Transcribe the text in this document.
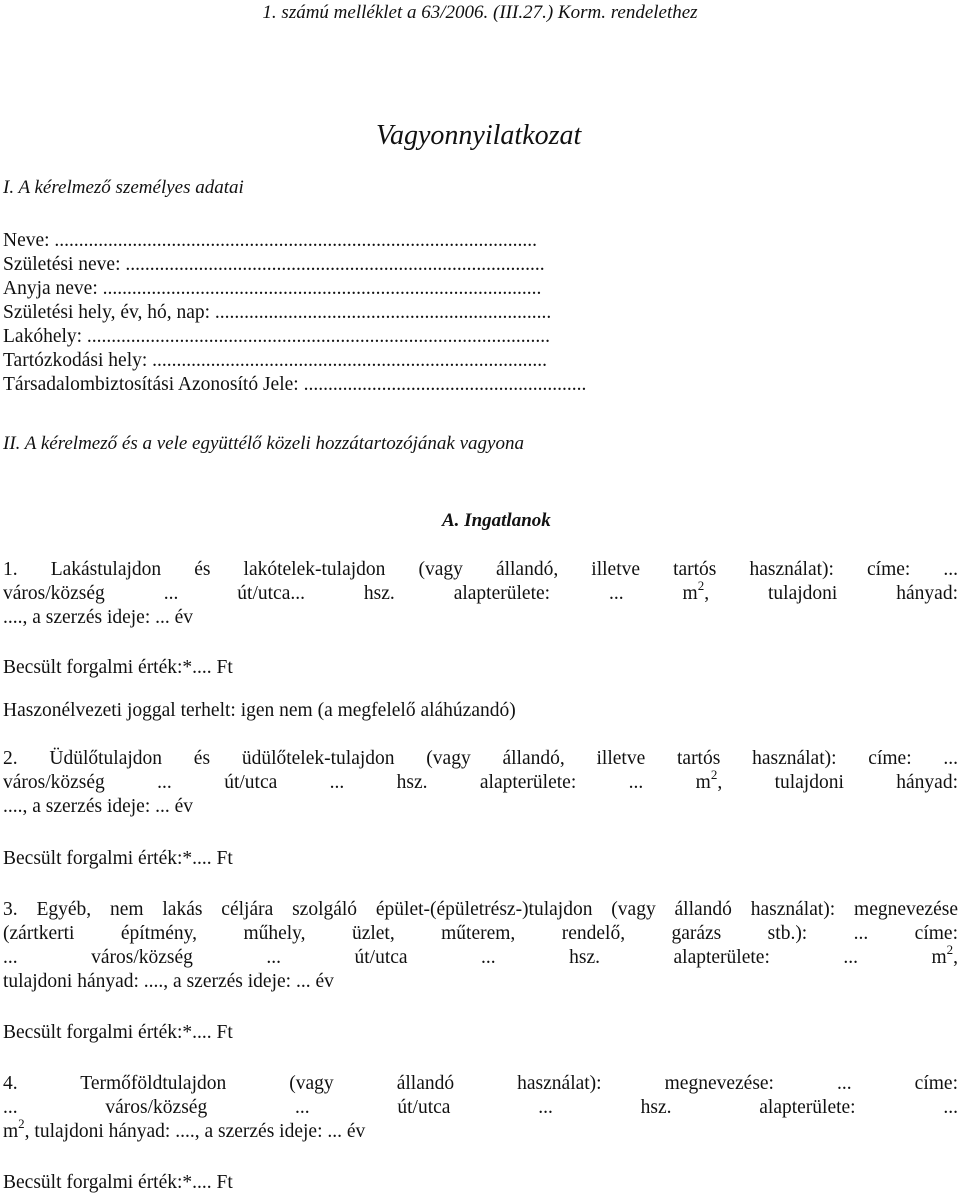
1. számú melléklet a 63/2006. (III.27.) Korm. rendelethez
Vagyonnyilatkozat
I. A kérelmező személyes adatai
Neve: ...................................................................................................
Születési neve: ......................................................................................
Anyja neve: ..........................................................................................
Születési hely, év, hó, nap: .....................................................................
Lakóhely: ...............................................................................................
Tartózkodási hely: .................................................................................
Társadalombiztosítási Azonosító Jele: ..........................................................
II. A kérelmező és a vele együttélő közeli hozzátartozójának vagyona
A. Ingatlanok
1. Lakástulajdon és lakótelek-tulajdon (vagy állandó, illetve tartós használat): címe: ...
város/község ... út/utca... hsz. alapterülete: ... $m^2$, tulajdoni hányad:
...., a szerzés ideje: ... év
Becsült forgalmi érték:*.... Ft
Haszonélvezeti joggal terhelt: igen nem (a megfelelő aláhúzandó)
2. Üdülőtulajdon és üdülőtelek-tulajdon (vagy állandó, illetve tartós használat): címe: ...
város/község ... út/utca ... hsz. alapterülete: ... $m^2$, tulajdoni hányad:
...., a szerzés ideje: ... év
Becsült forgalmi érték:*.... Ft
3. Egyéb, nem lakás céljára szolgáló épület-(épületrész-)tulajdon (vagy állandó használat): megnevezése
(zártkerti építmény, műhely, üzlet, műterem, rendelő, garázs stb.): ... címe:
... város/község ... út/utca ... hsz. alapterülete: ... $m^2$,
tulajdoni hányad: ...., a szerzés ideje: ... év
Becsült forgalmi érték:*.... Ft
4. Termőföldtulajdon (vagy állandó használat): megnevezése: ... címe:
... város/község ... út/utca ... hsz. alapterülete: ...
$m^2$, tulajdoni hányad: ...., a szerzés ideje: ... év
Becsült forgalmi érték:*.... Ft
